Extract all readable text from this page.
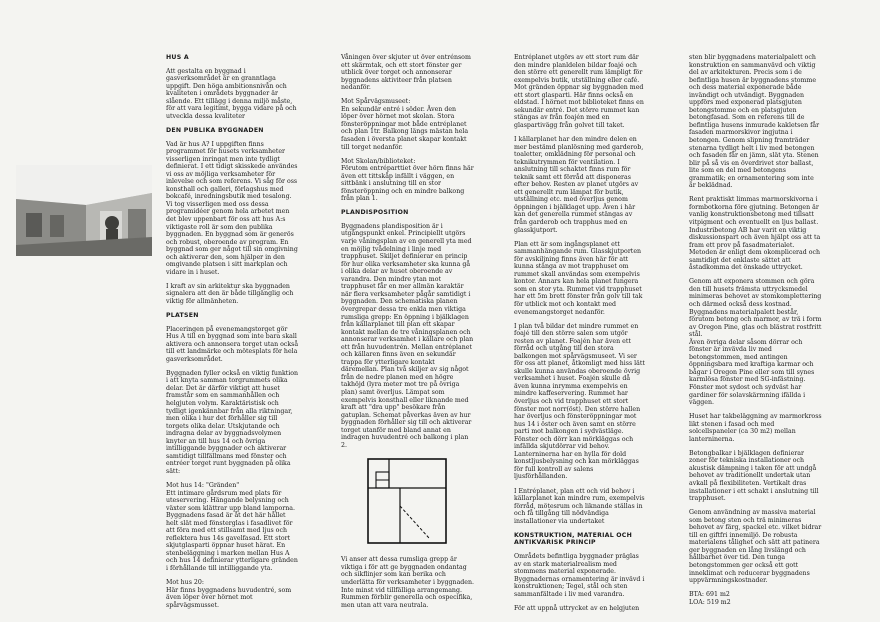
HUS A

Att gestalta en byggnad i gasverksområdet är en granntlaga uppgift. Den höga ambitionsnivån och kvaliteten i områdets byggnader är slående. Ett tillägg i denna miljö måste, för att vara legitimt, bygga vidare på och utveckla dessa kvaliteter

DEN PUBLIKA BYGGNADEN

Vad är hus A? I uppgiften finns programmet för husets verksamheter visserligen inringat men inte tydligt definierat. I ett tidigt skisskede användes vi oss av möjliga verksamheter för inlevelse och som referens. Vi såg för oss konsthall och galleri, förlagshus med bokcafé, inredningsbutik med tesalong. Vi tog visserligen med oss dessa programidéer genom hela arbetet men det blev uppenbart för oss att hus A:s viktigaste roll är som den publika byggnaden. En byggnad som är generös och robust, oberoende av program. En byggnad som ger något till sin omgivning och aktiverar den, som hjälper in den omgivande platsen i sitt markplan och vidare in i huset.

I kraft av sin arkitektur ska byggnaden signalera att den är både tillgänglig och viktig för allmänheten.

PLATSEN

Placeringen på evenemangstorget gör Hus A till en byggnad som inte bara skall aktivera och annonsera torget utan också till ett landmärke och mötesplats för hela gasverksområdet.

Byggnaden fyller också en viktig funktion i att knyta samman torgrummets olika delar. Det är därför viktigt att huset framstår som en sammanhållen och helgjuten volym. Karaktäristisk och tydligt igenkännbar från alla riktningar, men olika i hur det förhåller sig till torgets olika delar. Utskjutande och indragna delar av byggnadsvolymen knyter an till hus 14 och övriga intilliggande byggnader och aktiverar samtidigt tillfällmans med fönster och entréer torget runt byggnaden på olika sätt:

Mot hus 14: "Gränden"
Ett intimare gårdsrum med plats för uteservering. Hängande belysning och växter som klättrar upp bland lamporna. Byggnadens fasad är åt det här hållet helt slät med fönsterglas i fasadlivet för att föra med ett stillsamt med ljus och reflektera hus 14s gavelfasad. Ett stort skjutglasparti öppnar huset härat. En stenbeläggning i marken mellan Hus A och hus 14 definierar ytterligare gränden i förhållande till intilliggande yta.

Mot hus 20:
Här finns byggnadens huvudentré, som även löper över hörnet mot spårvägsmusset.

Våningen över skjuter ut över entrénsom ett skärmtak, och ett stort fönster ger utblick över torget och annonserar byggnadens aktiviteer från platsen nedanför.

Mot Spårvägsmuseet:
En sekundär entré i söder. Även den löper över hörnet mot skolan. Stora fönsteröppningar mot både entréplanet och plan 1tr. Balkong längs mästan hela fasaden i översta planet skapar kontakt till torget nedanför.

Mot Skolan/biblioteket:
Förutom entréparttiet över hörn finns här även ett tittskåp infällt i väggen, en sittbänk i anslutning till en stor fönsteröppning och en mindre balkong från plan 1.

PLANDISPOSITION

Byggnadens plandisposition är i utgångspunkt enkel. Principiellt utgörs varje våningsplan av en generell yta med en möjlig tvådelning i linje med trapphuset. Skiljet definierar en princip för hur olika verksamheter ska kunna gå i olika delar av huset oberoende av varandra. Den mindre ytan mot trapphuset får en mer allmän karaktär när flera verksamheter pågår samtidigt i byggnaden. Den schematiska planen övergrepar dessa tre enkla men viktiga rumsliga grepp: En öppning i bjälklagen från källarplanet till plan ett skapar kontakt mellan de tre våningsplanen och annonserar verksamhet i källare och plan ett från huvudentrén. Mellan entréplanet och källaren finns även en sekundär trappa för ytterligare kontakt däremellan. Plan två skiljer av sig något från de nedre planen med en högre takhöjd (lyra meter mot tre på övriga plan) samt överljus. Lämpat som exempelvis konsthall eller liknande med kraft att "dra upp" besökare från gatuplan. Schemat påverkas även av hur byggnaden förhåller sig till och aktiverar torget utanför med bland annat en indragen huvudentré och balkong i plan 2.

Vi anser att dessa rumsliga grepp är viktiga i för att ge byggnaden ondantag och sikflinjer som kan berika och underlätta för verksamheter i byggnaden. Inte minst vid tillfälliga arrangemang. Rummen förblir generella och ospecifika, men utan att vara neutrala.

Entréplanet utgörs av ett stort rum där den mindre planldelen bildar foajé och den större ett generellt rum lämpligt för exempelvis butik, utställning eller café. Mot gränden öppnar sig byggnaden med ett stort glasparti. Här finns också en eldstad. I hörnet mot biblioteket finns en sekundär entré. Det större rummet kan stängas av från foajén med en glaspartivägg från golvet till taket.

I källarplanet har den mindre delen en mer bestämd planlösning med garderob, toaletter, omklädning för personal och teknikutrymmen för ventilation. I anslutning till schaktet finns rum för teknik samt ett förråd att disponeras efter behov. Resten av planet utgörs av ett generellt rum lämpat för butik, utställning etc. med överljus genom öppningen i bjälklaget upp. Även i här kan det generella rummet stängas av från garderob och trapphus med en glasskjutport.

Plan ett är som ingångsplanet ett sammanhängande rum. Glasskjutporten för avskiljning finns även här för att kunna stänga av mot trapphuset om rummet skall användas som exempelvis kontor. Annars kan hela planet fungera som en stor yta. Rummet vid trapphuset har ett 5m brett fönster från golv till tak för utblick mot och kontakt med evenemangstorget nedanför.

I plan två bildar det mindre rummet en foajé till den större salen som utgör resten av planet. Foajén har även ett förråd och utgång till den stora balkongen mot spårvägsmuseet. Vi ser för oss att planet, åtkomligt med hiss lätt skulle kunna användas oberoende övrig verksamhet i huset. Foajén skulle då även kunna inrymma exempelvis en mindre kaffeservering. Rummet har överljus och vid trapphuset ett stort fönster mot norr(öst). Den större hallen har överljus och fönsteröppningar mot hus 14 i öster och även samt en större parti mot balkongen i sydvästläge. Fönster och dörr kan mörkläggas och infällda skjutdörrar vid behov. Lanterninerna har en hylla för dold konstljusbelysning och kan mörkläggas för full kontroll av salens ljusförhållanden.

I Entréplanet, plan ett och vid behov i källarplanet kan mindre rum, exempelvis förråd, mötesrum och liknande ställas in och få tillgång till nödvändiga installationer via undertaket

KONSTRUKTION, MATERIAL OCH ANTIKVARISK PRINCIP

Områdets befintliga byggnader präglas av en stark materialrealism med stommens material exponerade. Byggnadernas ornamentering är invävd i konstruktionen; Tegel, stål och sten sammanfältade i liv med varandra.

För att uppnå uttrycket av en helgjuten

sten blir byggnadens materialpalett och konstruktion en sammanvävd och viktig del av arkitekturen. Precis som i de befintliga husen är byggnadens stomme och dess material exponerade både invändigt och utvändigt. Byggnaden uppförs med exponerad platsgjuten betongstomme och en platsgjuten betongfasad. Som en referens till de befintliga husens inmurade kakletsen får fasaden marmorskivor ingjutna i betongen. Genom slipning framträder stenarna tydligt helt i liv med betongen och fasaden får en jämn, slät yta. Stenen blir på så vis en överdrivet stor ballast, lite som en del med betongens grammatik; en ornamentering som inte är beklädnad.

Rent praktiskt limmas marmorskivorna i formbotkorna före gjutning. Betongen är vanlig konstruktionsbetong med tillsatt vitpigment och eventuellt en ljus ballast. Industribetong AB har varit en viktig diskussionspart och även hjälpt oss att ta fram ett prov på fasadmaterialet. Metoden är enligt dem okomplicerad och samtidigt det enklaste sättet att åstadkomma det önskade uttrycket.

Genom att exponera stommen och göra den till husets främsta uttrycksmedel minimeras behovet av stomkomplettering och därmed också dess kostnad.
Byggnadens materialpalett består, förutom betong och marmor, av trä i form av Oregon Pine, glas och blästrat rostfritt stål.
Även övriga delar såsom dörrar och fönster är invävda liv med betongstommen, med antingen öppningsbara med kraftiga karmar och bågar i Oregon Pine eller som till synes karmlösa fönster med SG-infästning. Fönster mot sydost och sydväst har gardiner för solavskärmning ifällda i väggen.

Huset har takbeläggning av marmorkross likt stenen i fasad och med solcellspaneler (ca 30 m2) mellan lanterninerna.

Betongbalkar i bjälklagen definierar zoner för tekniska installationer och akustisk dämpning i taken för att undgå behovet av traditionellt undertak utan avkall på flexibiliteten. Vertikalt dras installationer i ett schakt i anslutning till trapphuset.

Genom användning av massiva material som betong sten och trä minimeras behovet av färg, spackel etc. vilket bidrar till en giftfri innemiljö. De robusta materialens tålighet och sätt att patinera ger byggnaden en lång livslängd och hållbarhet över tid. Den tunga betongstommen ger också ett gott inneklimat och reducerar byggnadens uppvärmningskostnader.

BTA: 691 m2
LOA: 519 m2
